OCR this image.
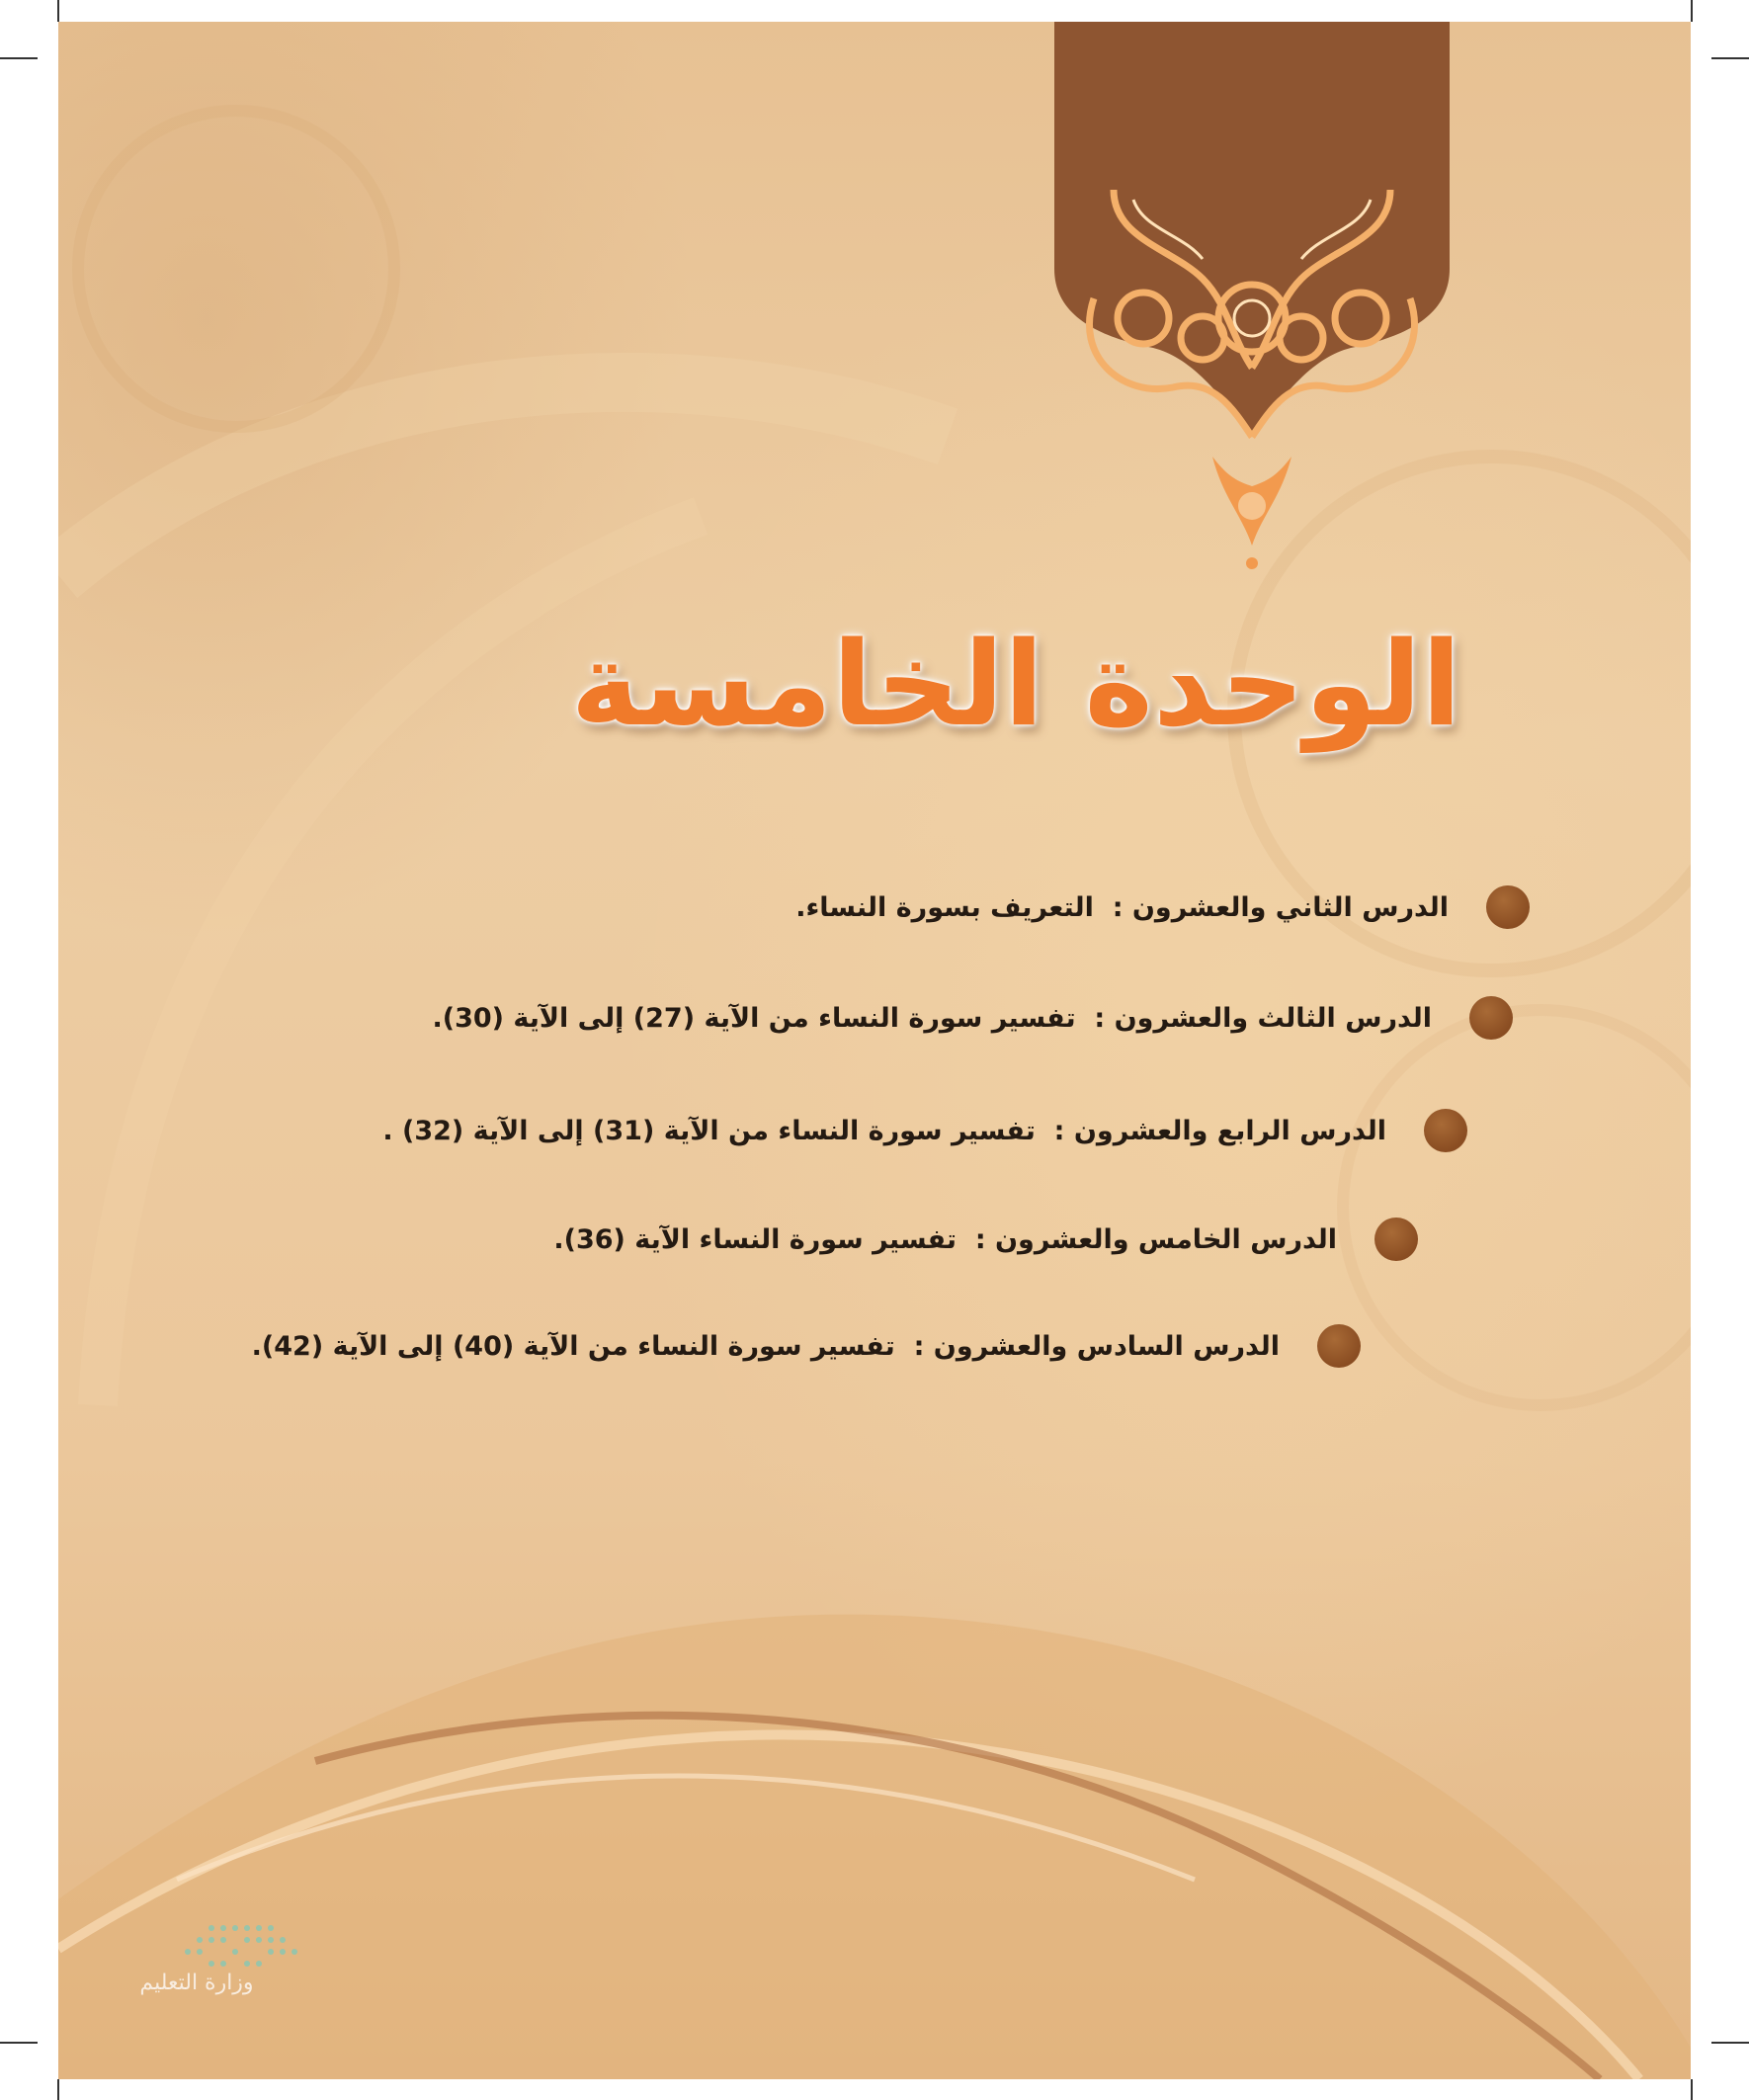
الوحدة الخامسة
الدرس الثاني والعشرون :  التعريف بسورة النساء.
الدرس الثالث والعشرون :  تفسير سورة النساء من الآية (27) إلى الآية (30).
الدرس الرابع والعشرون :  تفسير سورة النساء من الآية (31) إلى الآية (32) .
الدرس الخامس والعشرون :  تفسير سورة النساء الآية (36).
الدرس السادس والعشرون :  تفسير سورة النساء من الآية (40) إلى الآية (42).
وزارة التعليم
